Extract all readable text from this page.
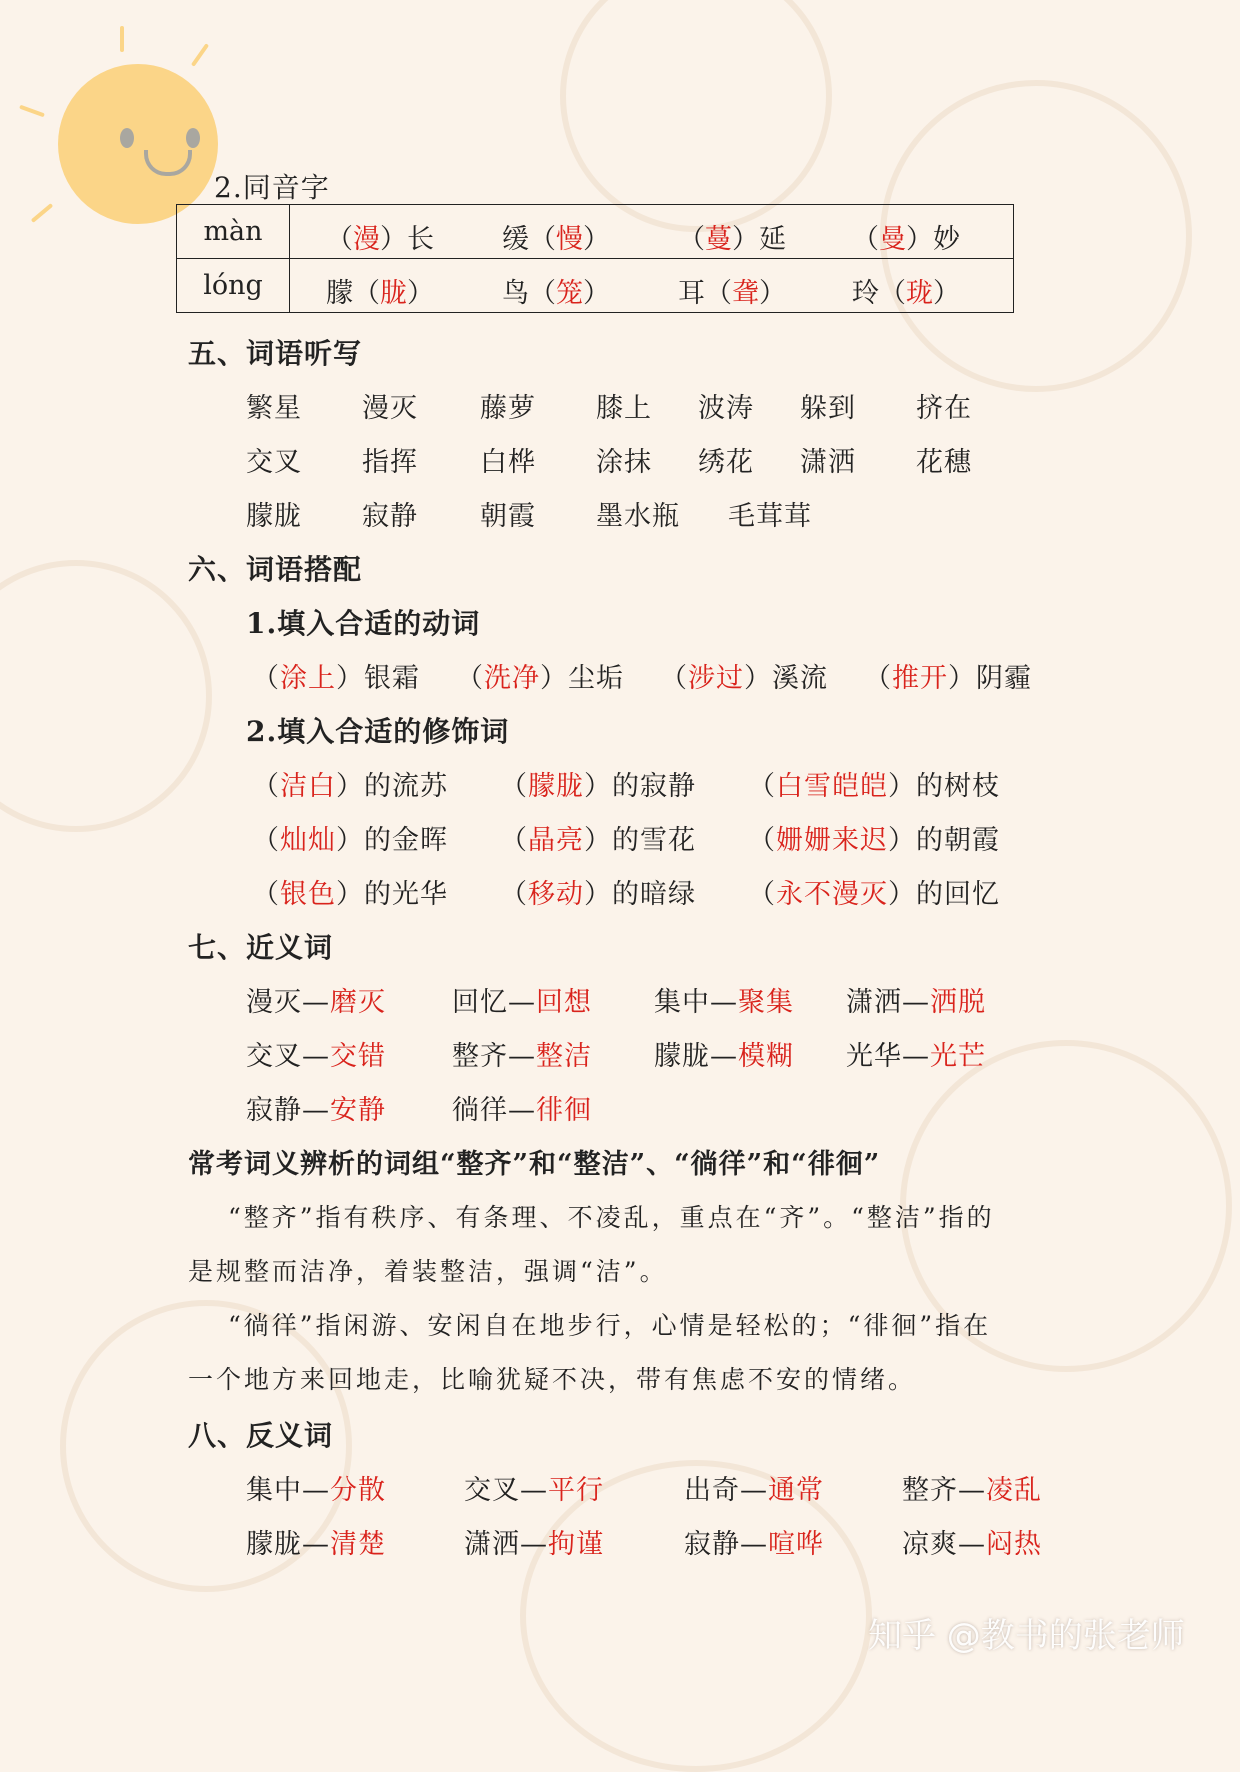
2.同音字
màn	（漫）长 缓（慢） （蔓）延 （曼）妙

lóng	朦（胧） 鸟（笼） 耳（聋） 玲（珑）
五、词语听写
繁星 漫灭 藤萝 膝上 波涛 躲到 挤在
交叉 指挥 白桦 涂抹 绣花 潇洒 花穗
朦胧 寂静 朝霞 墨水瓶 毛茸茸
六、词语搭配
1.填入合适的动词
（涂上）银霜 （洗净）尘垢 （涉过）溪流 （推开）阴霾
2.填入合适的修饰词
（洁白）的流苏 （朦胧）的寂静 （白雪皑皑）的树枝
（灿灿）的金晖 （晶亮）的雪花 （姗姗来迟）的朝霞
（银色）的光华 （移动）的暗绿 （永不漫灭）的回忆
七、近义词
漫灭—磨灭 回忆—回想 集中—聚集 潇洒—洒脱
交叉—交错 整齐—整洁 朦胧—模糊 光华—光芒
寂静—安静 徜徉—徘徊
常考词义辨析的词组“整齐”和“整洁”、“徜徉”和“徘徊”
“整齐”指有秩序、有条理、不凌乱，重点在“齐”。“整洁”指的
是规整而洁净，着装整洁，强调“洁”。
“徜徉”指闲游、安闲自在地步行，心情是轻松的；“徘徊”指在
一个地方来回地走，比喻犹疑不决，带有焦虑不安的情绪。
八、反义词
集中—分散	交叉—平行	出奇—通常	整齐—凌乱
朦胧—清楚	潇洒—拘谨	寂静—喧哗	凉爽—闷热
知乎 @教书的张老师
